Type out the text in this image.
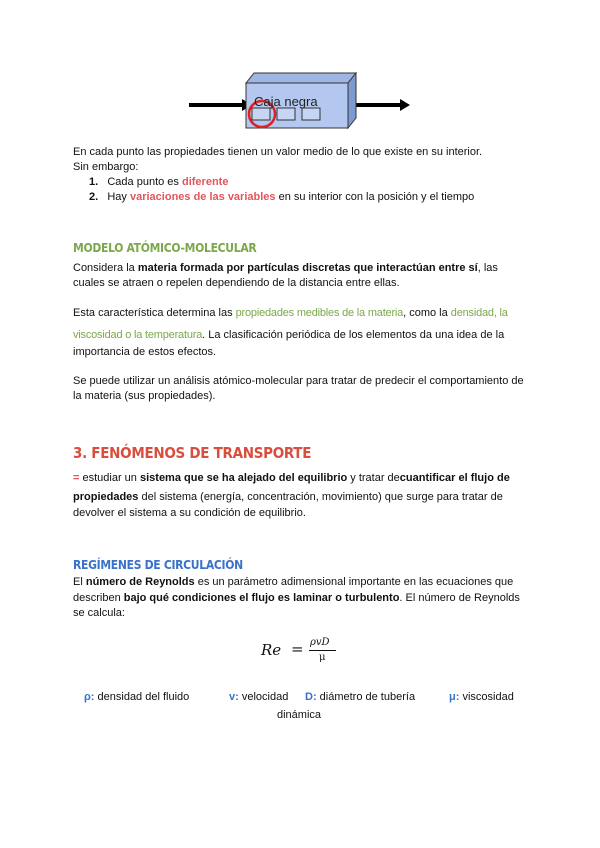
Caja negra
En cada punto las propiedades tienen un valor medio de lo que existe en su interior.
Sin embargo:
1. Cada punto es diferente
2. Hay variaciones de las variables en su interior con la posición y el tiempo
MODELO ATÓMICO-MOLECULAR
Considera la materia formada por partículas discretas que interactúan entre sí, las
cuales se atraen o repelen dependiendo de la distancia entre ellas.
Esta característica determina las propiedades medibles de la materia, como la densidad, la
viscosidad o la temperatura. La clasificación periódica de los elementos da una idea de la
importancia de estos efectos.
Se puede utilizar un análisis atómico-molecular para tratar de predecir el comportamiento de
la materia (sus propiedades).
3. FENÓMENOS DE TRANSPORTE
= estudiar un sistema que se ha alejado del equilibrio y tratar decuantificar el flujo de
propiedades del sistema (energía, concentración, movimiento) que surge para tratar de
devolver el sistema a su condición de equilibrio.
REGÍMENES DE CIRCULACIÓN
El número de Reynolds es un parámetro adimensional importante en las ecuaciones que
describen bajo qué condiciones el flujo es laminar o turbulento. El número de Reynolds
se calcula:
Re = ρvD
μ
ρ: densidad del fluido	v: velocidad D: diámetro de tubería	μ: viscosidad
dinámica
